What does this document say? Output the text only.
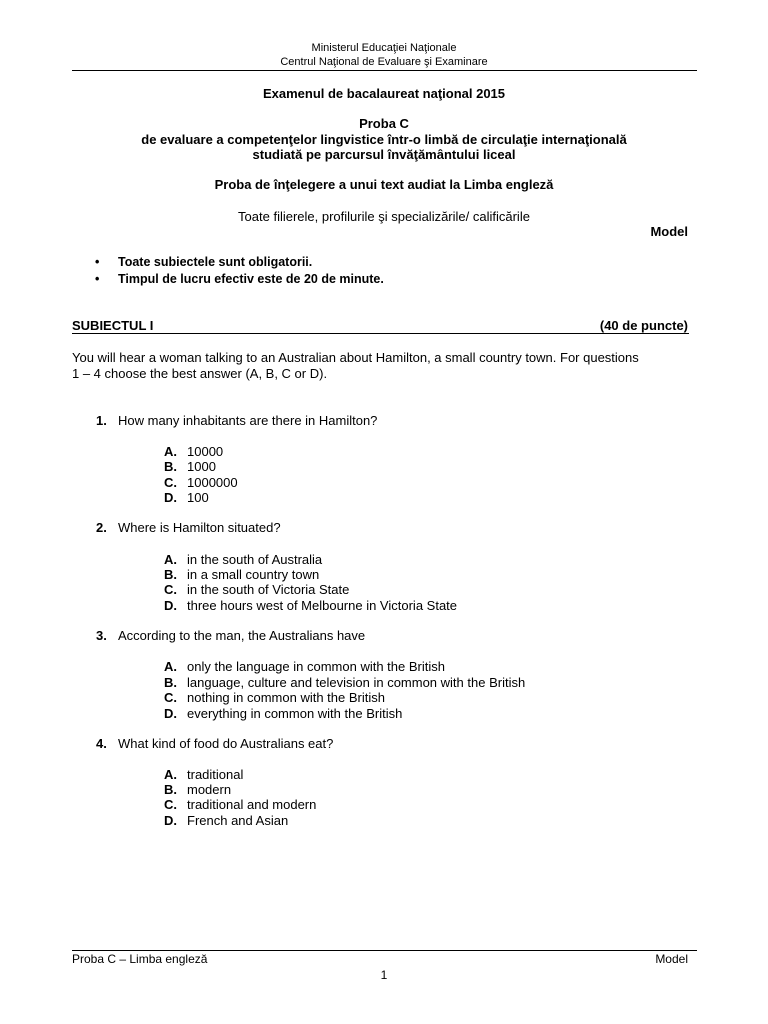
Ministerul Educaţiei Naţionale
Centrul Naţional de Evaluare şi Examinare
Examenul de bacalaureat naţional 2015
Proba C
de evaluare a competenţelor lingvistice într-o limbă de circulaţie internaţională
studiată pe parcursul învăţământului liceal
Proba de înţelegere a unui text audiat la Limba engleză
Toate filierele, profilurile şi specializările/ calificările
Model
• Toate subiectele sunt obligatorii.
• Timpul de lucru efectiv este de 20 de minute.
SUBIECTUL I	(40 de puncte)
You will hear a woman talking to an Australian about Hamilton, a small country town. For questions
1 – 4 choose the best answer (A, B, C or D).
1. How many inhabitants are there in Hamilton?
A. 10000
B. 1000
C. 1000000
D. 100
2. Where is Hamilton situated?
A. in the south of Australia
B. in a small country town
C. in the south of Victoria State
D. three hours west of Melbourne in Victoria State
3. According to the man, the Australians have
A. only the language in common with the British
B. language, culture and television in common with the British
C. nothing in common with the British
D. everything in common with the British
4. What kind of food do Australians eat?
A. traditional
B. modern
C. traditional and modern
D. French and Asian
Proba C – Limba engleză	Model
1
